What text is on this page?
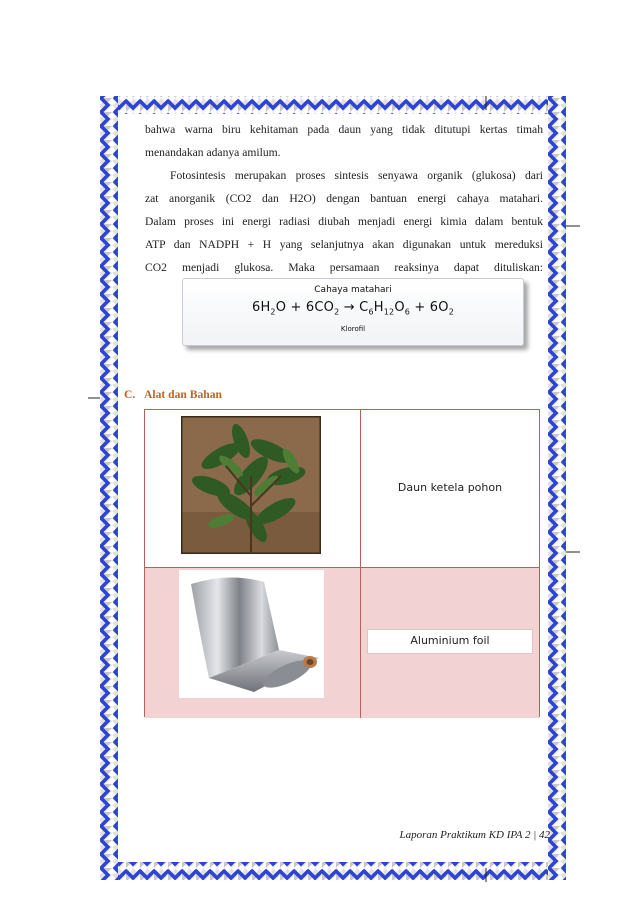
bahwa warna biru kehitaman pada daun yang tidak ditutupi kertas timah

menandakan adanya amilum.

Fotosintesis merupakan proses sintesis senyawa organik (glukosa) dari

zat anorganik (CO2 dan H2O) dengan bantuan energi cahaya matahari.

Dalam proses ini energi radiasi diubah menjadi energi kimia dalam bentuk

ATP dan NADPH + H yang selanjutnya akan digunakan untuk mereduksi

CO2 menjadi glukosa. Maka persamaan reaksinya dapat dituliskan:

Cahaya matahari
$6H_2O + 6CO_2 \to C_6H_{12}O_6 + 6O_2$
Klorofil
C. Alat dan Bahan
Daun ketela pohon
Aluminium foil
Laporan Praktikum KD IPA 2 | 42
